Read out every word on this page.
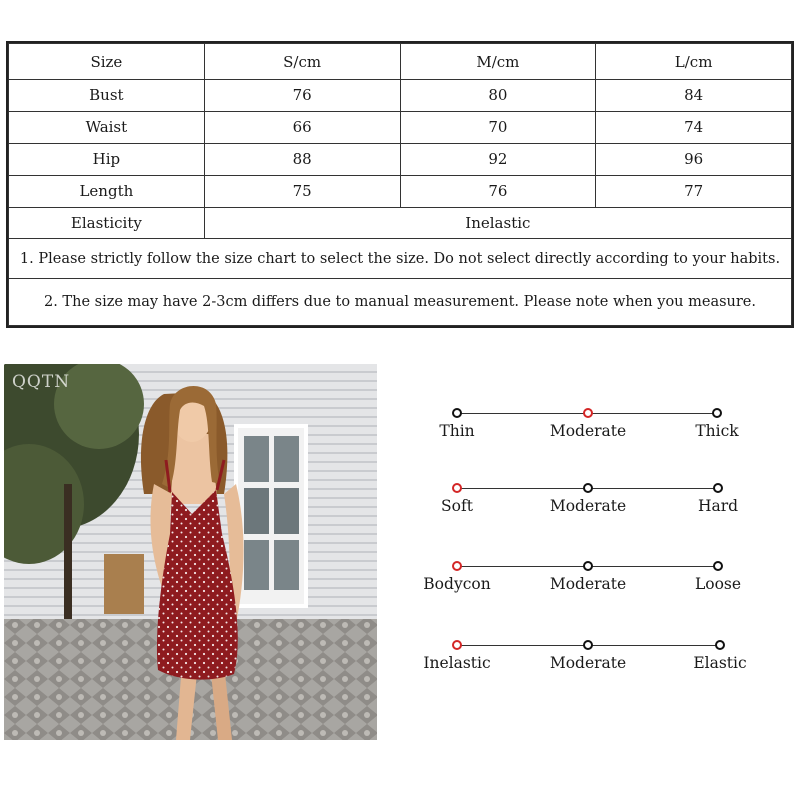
Size	S/cm	M/cm	L/cm
Bust	76	80	84
Waist	66	70	74
Hip	88	92	96
Length	75	76	77
Elasticity	Inelastic		
1. Please strictly follow the size chart to select the size. Do not select directly according to your habits.			
2. The size may have 2-3cm differs due to manual measurement. Please note when you measure.			
QQTN
Thin	Moderate	Thick
Soft	Moderate	Hard
Bodycon	Moderate	Loose
Inelastic	Moderate	Elastic
